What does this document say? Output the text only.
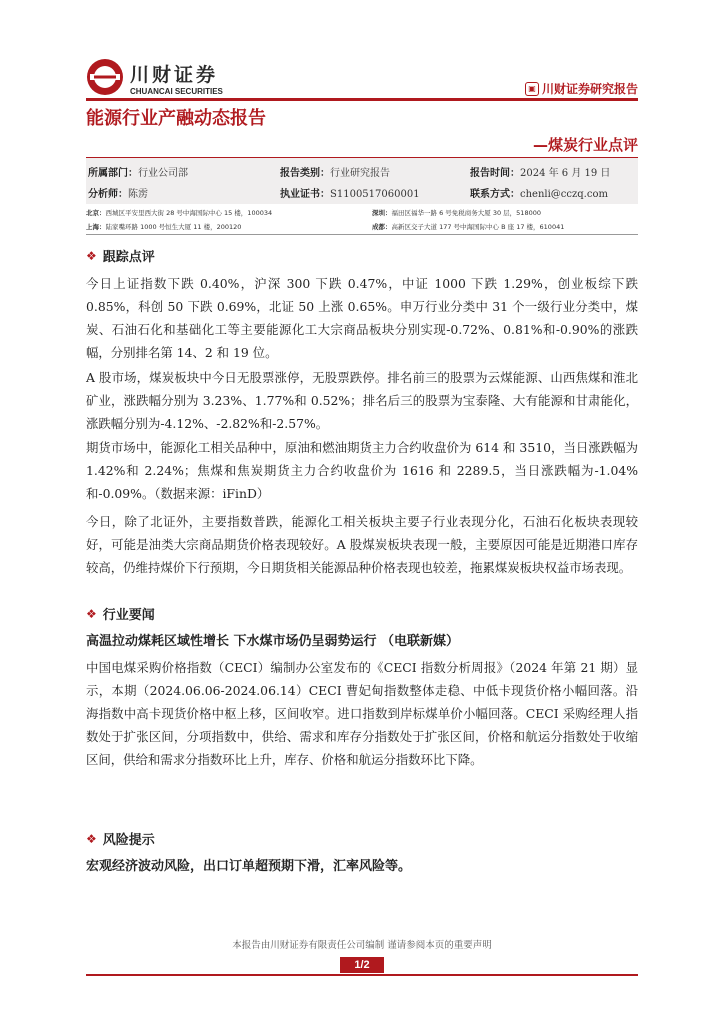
川财证券
CHUANCAI SECURITIES	▣ 川财证券研究报告
能源行业产融动态报告
—煤炭行业点评
所属部门：行业公司部	报告类别：行业研究报告	报告时间：2024 年 6 月 19 日
分析师：陈雳	执业证书：S1100517060001	联系方式：chenli@cczq.com
北京：西城区平安里西大街 28 号中海国际中心 15 楼，100034	深圳：福田区福华一路 6 号免税商务大厦 30 层，518000
上海：陆家嘴环路 1000 号恒生大厦 11 楼，200120	成都：高新区交子大道 177 号中海国际中心 B 座 17 楼，610041
❖ 跟踪点评

今日上证指数下跌 0.40%，沪深 300 下跌 0.47%，中证 1000 下跌 1.29%，创业板综下跌 0.85%，科创 50 下跌 0.69%，北证 50 上涨 0.65%。申万行业分类中 31 个一级行业分类中，煤炭、石油石化和基础化工等主要能源化工大宗商品板块分别实现-0.72%、0.81%和-0.90%的涨跌幅，分别排名第 14、2 和 19 位。

A 股市场，煤炭板块中今日无股票涨停，无股票跌停。排名前三的股票为云煤能源、山西焦煤和淮北矿业，涨跌幅分别为 3.23%、1.77%和 0.52%；排名后三的股票为宝泰隆、大有能源和甘肃能化，涨跌幅分别为-4.12%、-2.82%和-2.57%。

期货市场中，能源化工相关品种中，原油和燃油期货主力合约收盘价为 614 和 3510，当日涨跌幅为 1.42%和 2.24%；焦煤和焦炭期货主力合约收盘价为 1616 和 2289.5，当日涨跌幅为-1.04%和-0.09%。（数据来源：iFinD）

今日，除了北证外，主要指数普跌，能源化工相关板块主要子行业表现分化，石油石化板块表现较好，可能是油类大宗商品期货价格表现较好。A 股煤炭板块表现一般，主要原因可能是近期港口库存较高，仍维持煤价下行预期，今日期货相关能源品种价格表现也较差，拖累煤炭板块权益市场表现。

❖ 行业要闻
高温拉动煤耗区域性增长 下水煤市场仍呈弱势运行 （电联新媒）

中国电煤采购价格指数（CECI）编制办公室发布的《CECI 指数分析周报》（2024 年第 21 期）显示，本期（2024.06.06-2024.06.14）CECI 曹妃甸指数整体走稳、中低卡现货价格小幅回落。沿海指数中高卡现货价格中枢上移，区间收窄。进口指数到岸标煤单价小幅回落。CECI 采购经理人指数处于扩张区间，分项指数中，供给、需求和库存分指数处于扩张区间，价格和航运分指数处于收缩区间，供给和需求分指数环比上升，库存、价格和航运分指数环比下降。

❖ 风险提示
宏观经济波动风险，出口订单超预期下滑，汇率风险等。
本报告由川财证券有限责任公司编制 谨请参阅本页的重要声明
1/2
